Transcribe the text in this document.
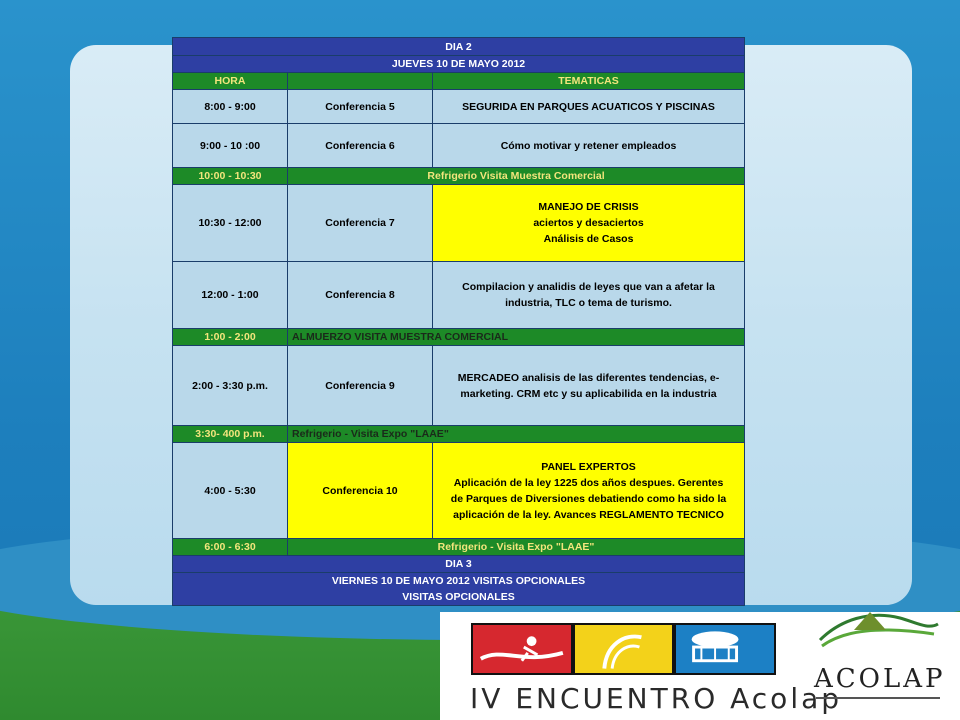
DIA 2		
JUEVES 10 DE MAYO 2012		
HORA		TEMATICAS
8:00 - 9:00	Conferencia 5	SEGURIDA EN PARQUES ACUATICOS Y PISCINAS
9:00 - 10 :00	Conferencia 6	Cómo motivar y retener empleados
10:00 - 10:30	Refrigerio Visita Muestra Comercial	
10:30 - 12:00	Conferencia 7	MANEJO DE CRISIS
aciertos y desaciertos
Análisis de Casos

12:00 - 1:00	Conferencia 8	Compilacion y analidis de leyes que van a afetar la
industria, TLC o tema de turismo.

1:00 - 2:00	ALMUERZO VISITA MUESTRA COMERCIAL	
2:00 - 3:30 p.m.	Conferencia 9	MERCADEO analisis de las diferentes tendencias, e-
marketing. CRM etc y su aplicabilida en la industria

3:30- 400 p.m.	Refrigerio - Visita Expo "LAAE"	
4:00 - 5:30	Conferencia 10	PANEL EXPERTOS
Aplicación de la ley 1225 dos años despues. Gerentes
de Parques de Diversiones debatiendo como ha sido la
aplicación de la ley. Avances REGLAMENTO TECNICO

6:00 - 6:30	Refrigerio - Visita Expo "LAAE"	
DIA 3		

VIERNES 10 DE MAYO 2012 VISITAS OPCIONALES
VISITAS OPCIONALES		
IV ENCUENTRO Acolap
ACOLAP
